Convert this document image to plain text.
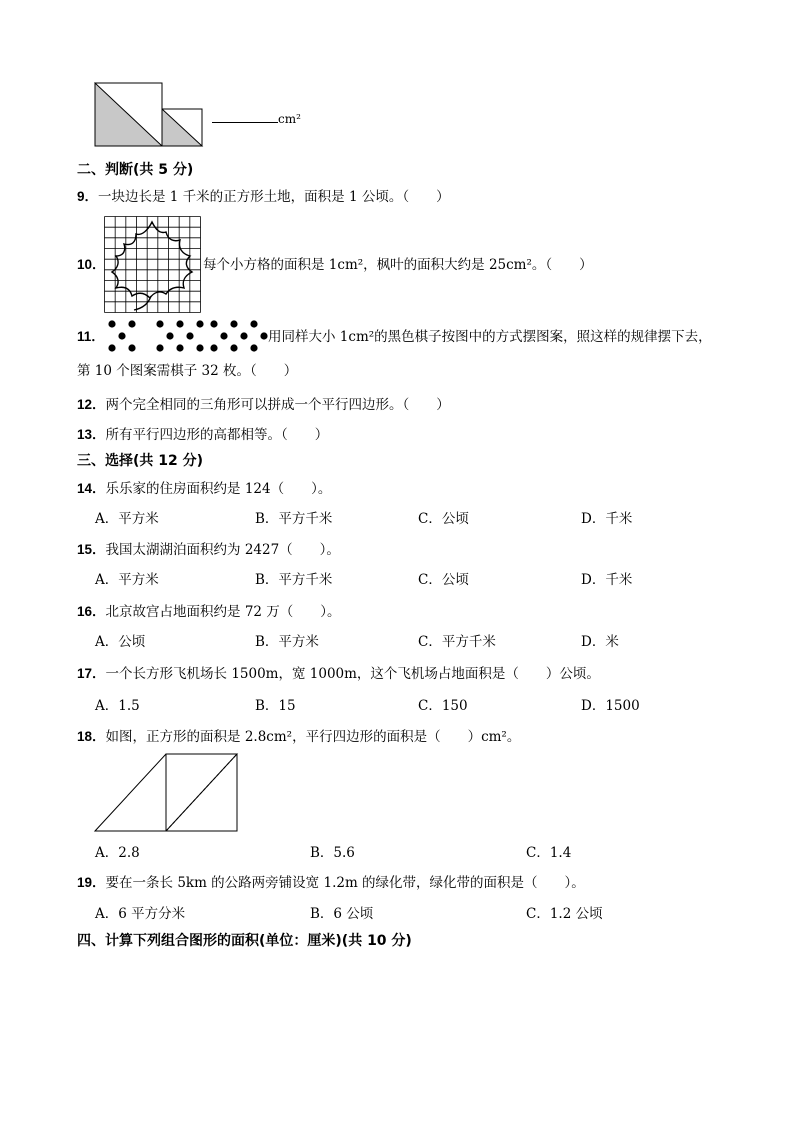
cm²
二、判断(共 5 分)
9．一块边长是 1 千米的正方形土地，面积是 1 公顷。（　　）
10．	每个小方格的面积是 1cm²，枫叶的面积大约是 25cm²。（　　）
11．	用同样大小 1cm²的黑色棋子按图中的方式摆图案，照这样的规律摆下去，
第 10 个图案需棋子 32 枚。（　　）
12．两个完全相同的三角形可以拼成一个平行四边形。（　　）
13．所有平行四边形的高都相等。（　　）
三、选择(共 12 分)
14．乐乐家的住房面积约是 124（　　）。
A．平方米	B．平方千米	C．公顷	D．千米
15．我国太湖湖泊面积约为 2427（　　）。
A．平方米	B．平方千米	C．公顷	D．千米
16．北京故宫占地面积约是 72 万（　　）。
A．公顷	B．平方米	C．平方千米	D．米
17．一个长方形飞机场长 1500m，宽 1000m，这个飞机场占地面积是（　　）公顷。
A．1.5	B．15	C．150	D．1500
18．如图，正方形的面积是 2.8cm²，平行四边形的面积是（　　）cm²。
A．2.8	B．5.6	C．1.4
19．要在一条长 5km 的公路两旁铺设宽 1.2m 的绿化带，绿化带的面积是（　　）。
A．6 平方分米	B．6 公顷	C．1.2 公顷
四、计算下列组合图形的面积(单位：厘米)(共 10 分)
